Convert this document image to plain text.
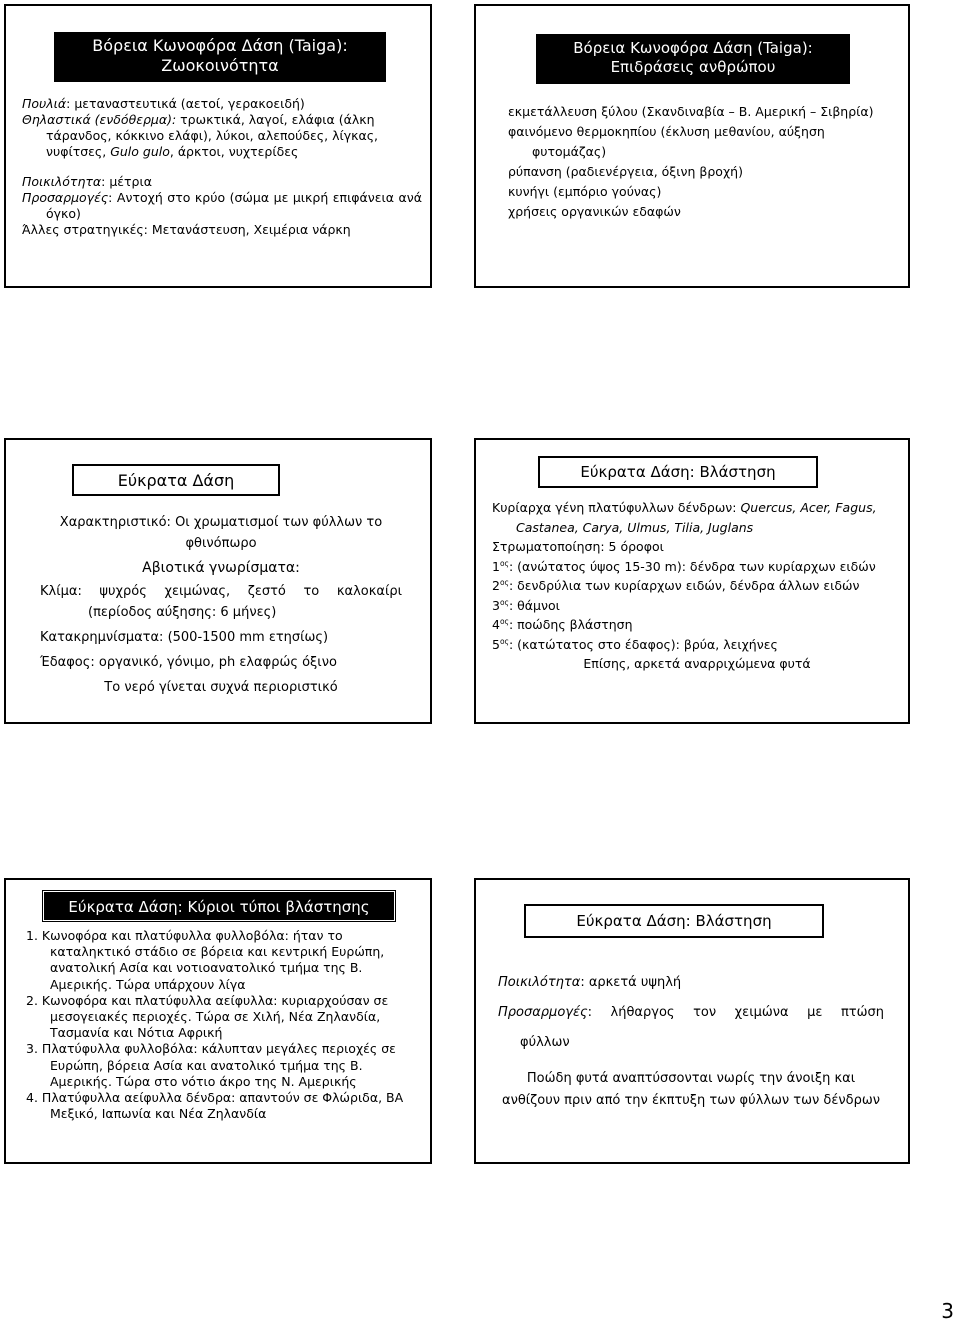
Βόρεια Κωνοφόρα Δάση (Taiga):
Ζωοκοινότητα

Πουλιά: μεταναστευτικά (αετοί, γερακοειδή)

Θηλαστικά (ενδόθερμα): τρωκτικά, λαγοί, ελάφια (άλκη τάρανδος, κόκκινο ελάφι), λύκοι, αλεπούδες, λίγκας, νυφίτσες, Gulo gulo, άρκτοι, νυχτερίδες

Ποικιλότητα: μέτρια

Προσαρμογές: Αντοχή στο κρύο (σώμα με μικρή επιφάνεια ανά όγκο)

Άλλες στρατηγικές: Μετανάστευση, Χειμέρια νάρκη

Βόρεια Κωνοφόρα Δάση (Taiga):
Επιδράσεις ανθρώπου

εκμετάλλευση ξύλου (Σκανδιναβία – Β. Αμερική – Σιβηρία)

φαινόμενο θερμοκηπίου (έκλυση μεθανίου, αύξηση φυτομάζας)

ρύπανση (ραδιενέργεια, όξινη βροχή)

κυνήγι (εμπόριο γούνας)

χρήσεις οργανικών εδαφών

Εύκρατα Δάση

Χαρακτηριστικό: Οι χρωματισμοί των φύλλων το φθινόπωρο

Αβιοτικά γνωρίσματα:

Κλίμα: ψυχρός χειμώνας, ζεστό το καλοκαίρι

(περίοδος αύξησης: 6 μήνες)

Κατακρημνίσματα: (500-1500 mm ετησίως)

Έδαφος: οργανικό, γόνιμο, ph ελαφρώς όξινο

Το νερό γίνεται συχνά περιοριστικό

Εύκρατα Δάση: Βλάστηση

Κυρίαρχα γένη πλατύφυλλων δένδρων: Quercus, Acer, Fagus, Castanea, Carya, Ulmus, Tilia, Juglans

Στρωματοποίηση: 5 όροφοι

$1^{o\varsigma}$: (ανώτατος ύψος 15-30 m): δένδρα των κυρίαρχων ειδών

$2^{o\varsigma}$: δενδρύλια των κυρίαρχων ειδών, δένδρα άλλων ειδών

$3^{o\varsigma}$: θάμνοι

$4^{o\varsigma}$: ποώδης βλάστηση

$5^{o\varsigma}$: (κατώτατος στο έδαφος): βρύα, λειχήνες

Επίσης, αρκετά αναρριχώμενα φυτά

Εύκρατα Δάση: Κύριοι τύποι βλάστησης

1. Κωνοφόρα και πλατύφυλλα φυλλοβόλα: ήταν το καταληκτικό στάδιο σε βόρεια και κεντρική Ευρώπη, ανατολική Ασία και νοτιοανατολικό τμήμα της Β. Αμερικής. Τώρα υπάρχουν λίγα

2. Κωνοφόρα και πλατύφυλλα αείφυλλα: κυριαρχούσαν σε μεσογειακές περιοχές. Τώρα σε Χιλή, Νέα Ζηλανδία, Τασμανία και Νότια Αφρική

3. Πλατύφυλλα φυλλοβόλα: κάλυπταν μεγάλες περιοχές σε Ευρώπη, βόρεια Ασία και ανατολικό τμήμα της Β. Αμερικής. Τώρα στο νότιο άκρο της Ν. Αμερικής

4. Πλατύφυλλα αείφυλλα δένδρα: απαντούν σε Φλώριδα, ΒΑ Μεξικό, Ιαπωνία και Νέα Ζηλανδία

Εύκρατα Δάση: Βλάστηση

Ποικιλότητα: αρκετά υψηλή

Προσαρμογές: λήθαργος τον χειμώνα με πτώση

φύλλων

Ποώδη φυτά αναπτύσσονται νωρίς την άνοιξη και ανθίζουν πριν από την έκπτυξη των φύλλων των δένδρων

3
